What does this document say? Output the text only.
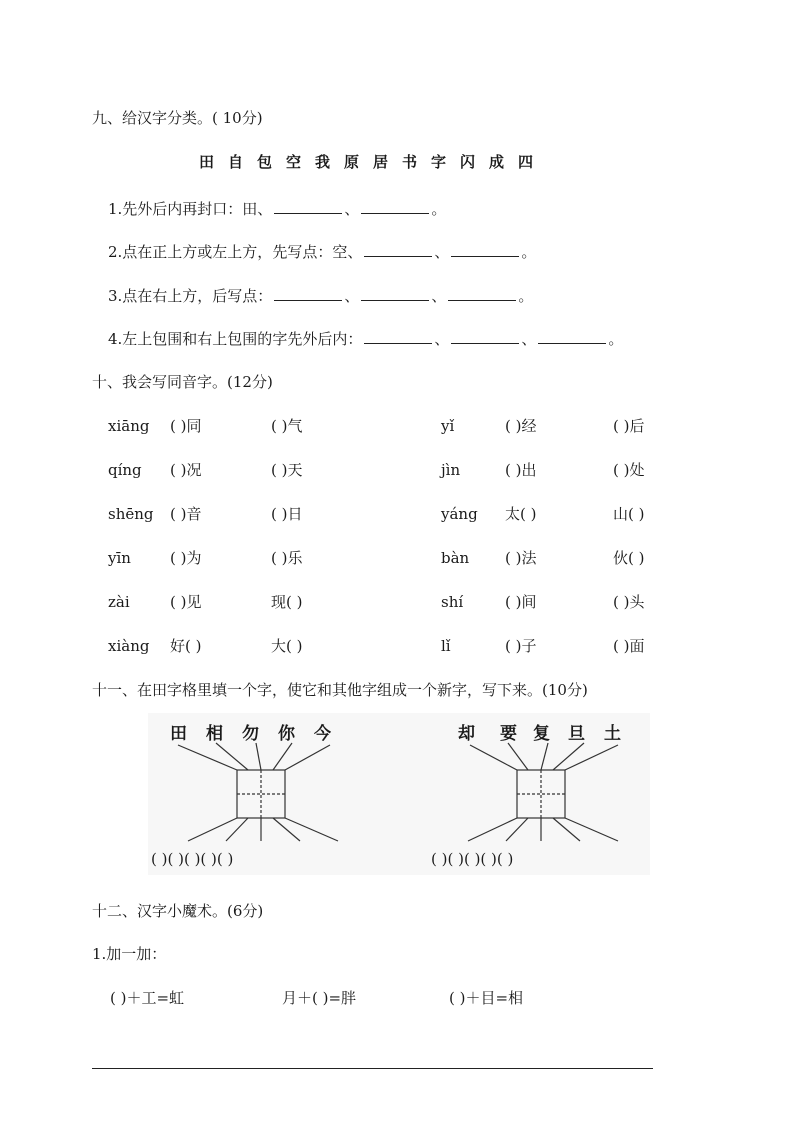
九、给汉字分类。( 10分)
田 自 包 空 我 原 居 书 字 闪 成 四
1.先外后内再封口：田、	、	。
2.点在正上方或左上方，先写点：空、	、	。
3.点在右上方，后写点：	、	、	。
4.左上包围和右上包围的字先外后内：	、	、	。
十、我会写同音字。(12分)
xiāng ( )同	( )气	yǐ	( )经	( )后
qíng ( )况	( )天	jìn	( )出	( )处
shēng ( )音	( )日	yáng 太( )	山( )
yīn	( )为	( )乐	bàn ( )法	伙( )
zài	( )见	现( )	shí	( )间	( )头
xiàng 好( )	大( )	lǐ	( )子	( )面
十一、在田字格里填一个字，使它和其他字组成一个新字，写下来。(10分)
田 相 勿 你 今	却 要 复 旦 土
( )( )( )( )( )	( )( )( )( )( )
十二、汉字小魔术。(6分)
1.加一加：
( )＋工=虹	月＋( )=胖	( )＋目=相
